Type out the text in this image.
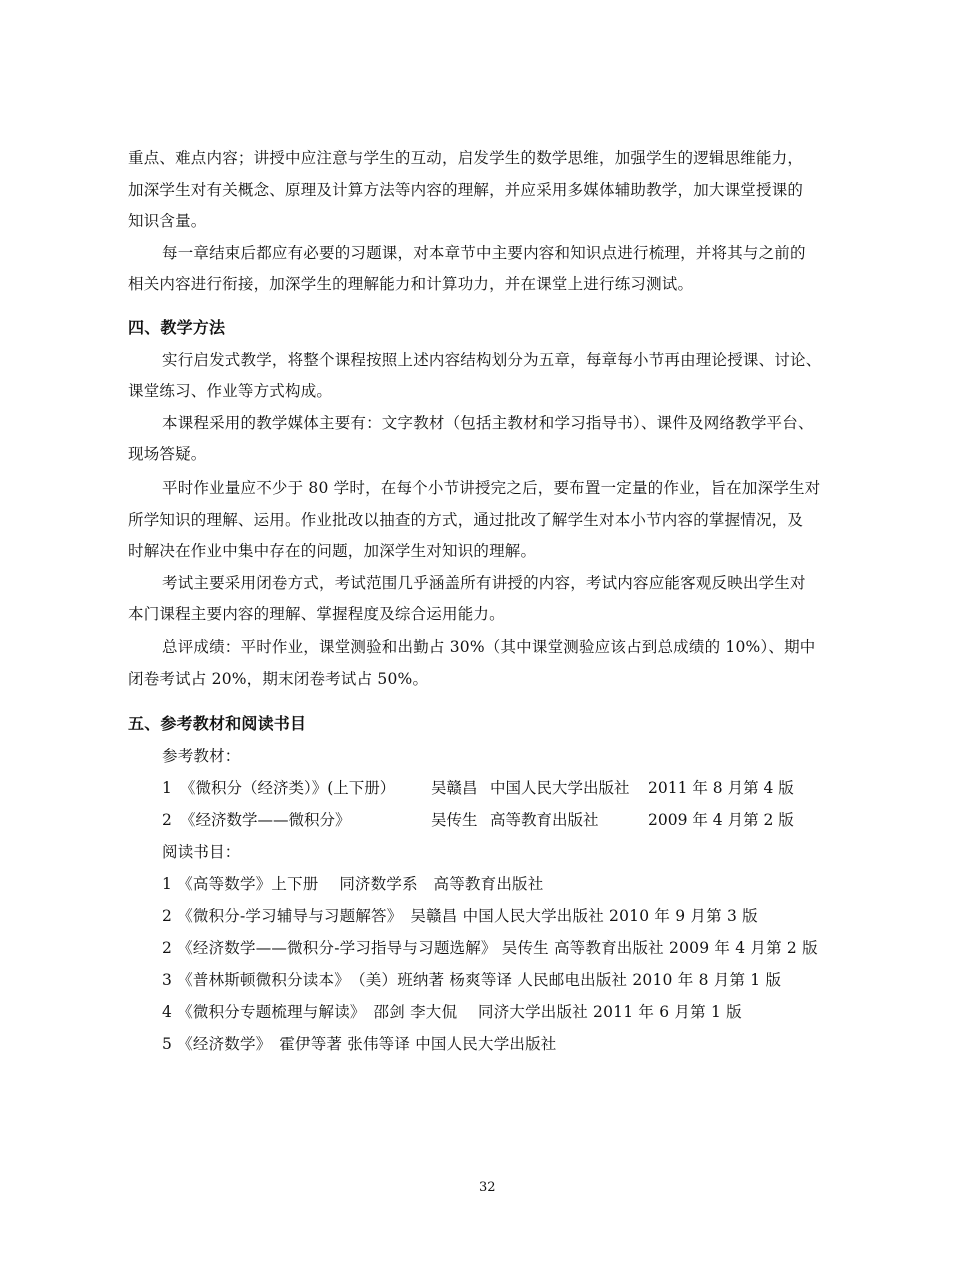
重点、难点内容；讲授中应注意与学生的互动，启发学生的数学思维，加强学生的逻辑思维能力，
加深学生对有关概念、原理及计算方法等内容的理解，并应采用多媒体辅助教学，加大课堂授课的
知识含量。
每一章结束后都应有必要的习题课，对本章节中主要内容和知识点进行梳理，并将其与之前的
相关内容进行衔接，加深学生的理解能力和计算功力，并在课堂上进行练习测试。
四、教学方法
实行启发式教学，将整个课程按照上述内容结构划分为五章，每章每小节再由理论授课、讨论、
课堂练习、作业等方式构成。
本课程采用的教学媒体主要有：文字教材（包括主教材和学习指导书）、课件及网络教学平台、
现场答疑。
平时作业量应不少于 80 学时，在每个小节讲授完之后，要布置一定量的作业，旨在加深学生对
所学知识的理解、运用。作业批改以抽查的方式，通过批改了解学生对本小节内容的掌握情况，及
时解决在作业中集中存在的问题，加深学生对知识的理解。
考试主要采用闭卷方式，考试范围几乎涵盖所有讲授的内容，考试内容应能客观反映出学生对
本门课程主要内容的理解、掌握程度及综合运用能力。
总评成绩：平时作业，课堂测验和出勤占 30%（其中课堂测验应该占到总成绩的 10%）、期中
闭卷考试占 20%，期末闭卷考试占 50%。
五、参考教材和阅读书目
参考教材：
1 《微积分（经济类）》(上下册） 吴赣昌 中国人民大学出版社 2011 年 8 月第 4 版
2 《经济数学——微积分》	吴传生 高等教育出版社	2009 年 4 月第 2 版
阅读书目：
1 《高等数学》上下册　 同济数学系　高等教育出版社
2 《微积分-学习辅导与习题解答》　吴赣昌 中国人民大学出版社 2010 年 9 月第 3 版
2 《经济数学——微积分-学习指导与习题选解》 吴传生 高等教育出版社 2009 年 4 月第 2 版
3 《普林斯顿微积分读本》　（美）班纳著 杨爽等译 人民邮电出版社 2010 年 8 月第 1 版
4 《微积分专题梳理与解读》　邵剑 李大侃　 同济大学出版社 2011 年 6 月第 1 版
5 《经济数学》　霍伊等著 张伟等译 中国人民大学出版社
32
